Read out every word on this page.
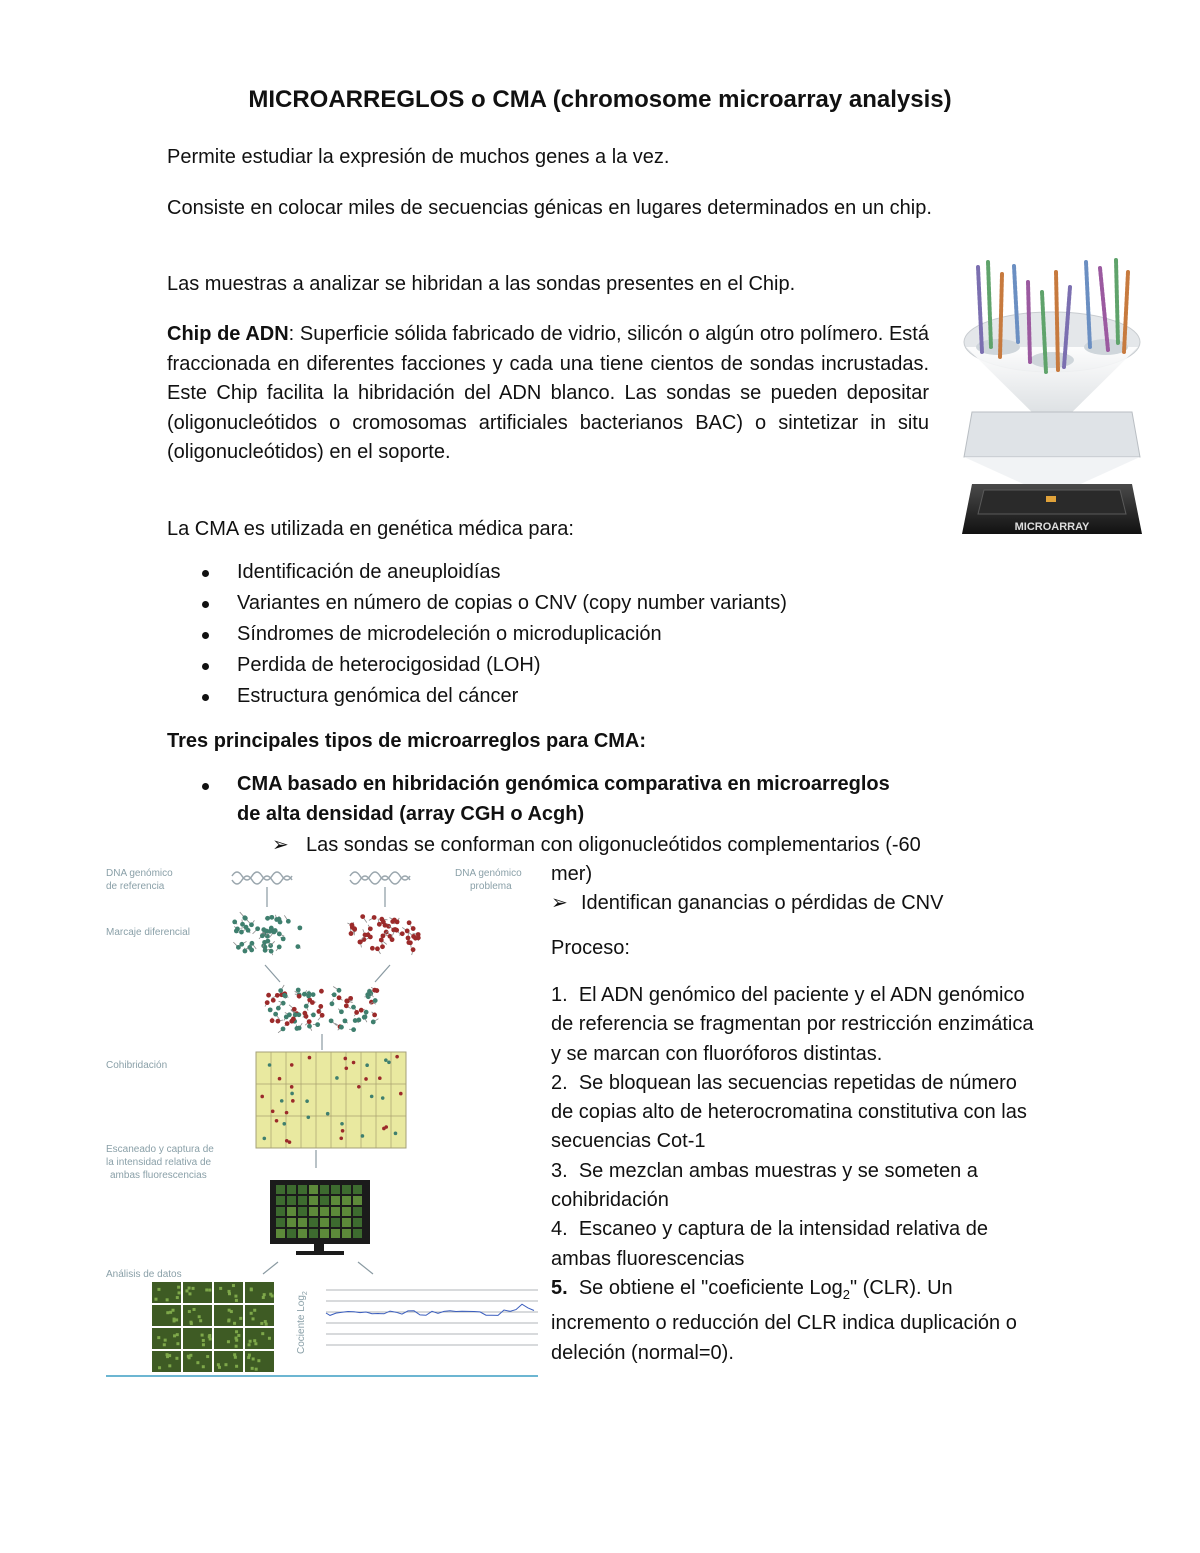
MICROARREGLOS o CMA (chromosome microarray analysis)

Permite estudiar la expresión de muchos genes a la vez.

Consiste en colocar miles de secuencias génicas en lugares determinados en un chip.

Las muestras a analizar se hibridan a las sondas presentes en el Chip.

Chip de ADN: Superficie sólida fabricado de vidrio, silicón o algún otro polímero. Está fraccionada en diferentes facciones y cada una tiene cientos de sondas incrustadas. Este Chip facilita la hibridación del ADN blanco. Las sondas se pueden depositar (oligonucleótidos o cromosomas artificiales bacterianos BAC) o sintetizar in situ (oligonucleótidos) en el soporte.

La CMA es utilizada en genética médica para:

Identificación de aneuploidías
Variantes en número de copias o CNV (copy number variants)
Síndromes de microdeleción o microduplicación
Perdida de heterocigosidad (LOH)
Estructura genómica del cáncer

Tres principales tipos de microarreglos para CMA:

CMA basado en hibridación genómica comparativa en microarreglos
de alta densidad (array CGH o Acgh)
➢ Las sondas se conforman con oligonucleótidos complementarios (-60
mer)
➢ Identifican ganancias o pérdidas de CNV

Proceso:

1. El ADN genómico del paciente y el ADN genómico de referencia se fragmentan por restricción enzimática y se marcan con fluoróforos distintas.
2. Se bloquean las secuencias repetidas de número de copias alto de heterocromatina constitutiva con las secuencias Cot-1
3. Se mezclan ambas muestras y se someten a cohibridación
4. Escaneo y captura de la intensidad relativa de ambas fluorescencias
5. Se obtiene el "coeficiente Log$_2$" (CLR). Un incremento o reducción del CLR indica duplicación o deleción (normal=0).
MICROARRAY
DNA genómico
de referencia
DNA genómico
problema
Marcaje diferencial
Cohibridación
Escaneado y captura de
la intensidad relativa de
ambas fluorescencias
Análisis de datos
Cociente Log$_2$
